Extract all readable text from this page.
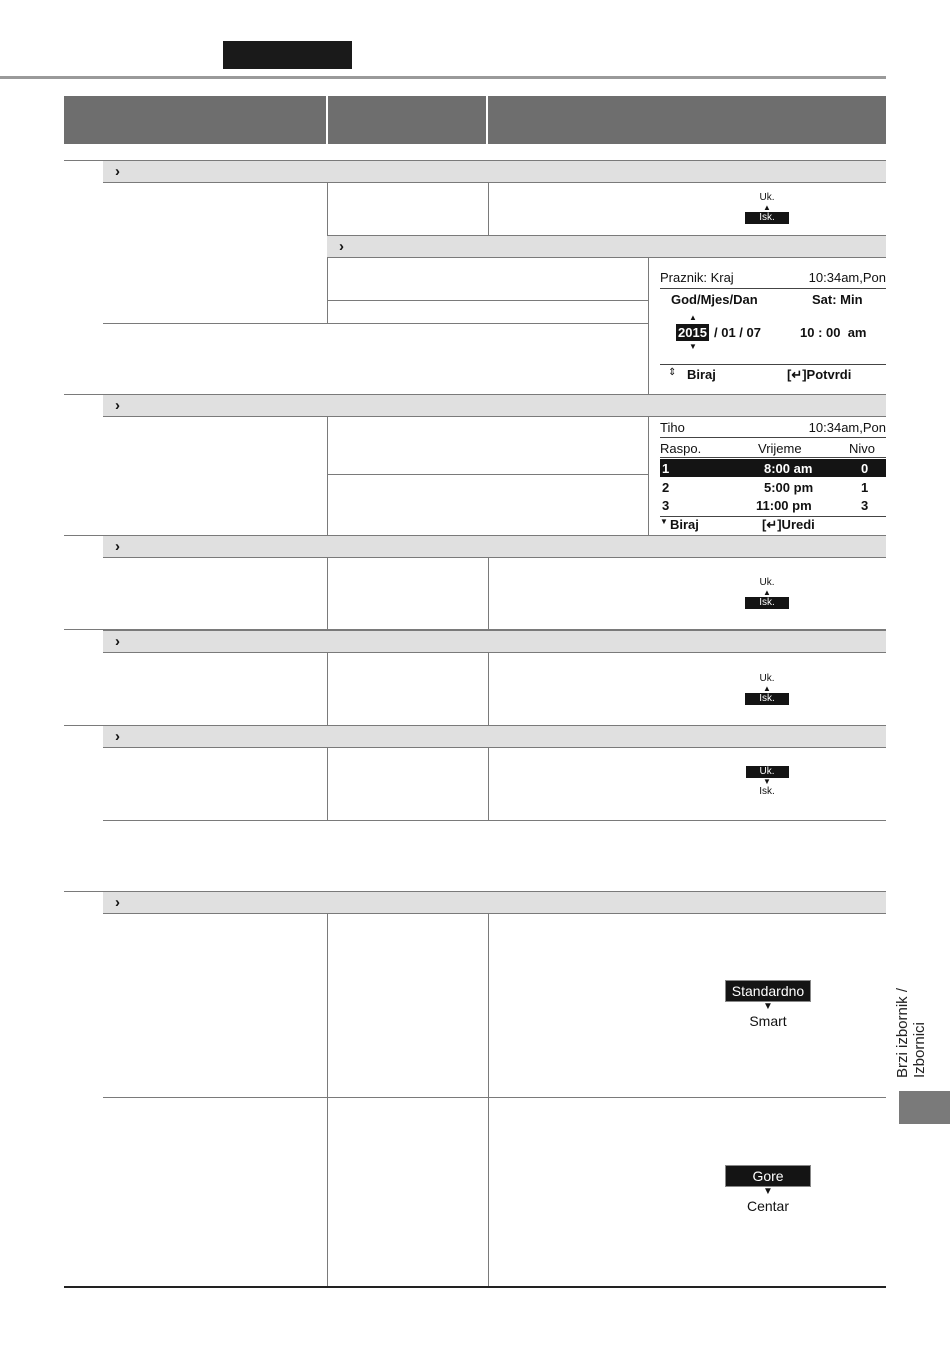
›
Uk.
▲
Isk.
›
Praznik: Kraj	10:34am,Pon
God/Mjes/Dan	Sat: Min
▲
2015 / 01 / 07	10 : 00  am
▼
⇕ Biraj	[↵]Potvrdi
›
Tiho	10:34am,Pon
Raspo.	Vrijeme	Nivo
1	8:00 am	0
2	5:00 pm	1
3	11:00 pm	3
▼ Biraj	[↵]Uredi
›
Uk.
▲
Isk.
›
Uk.
▲
Isk.
›
Uk.
▼
Isk.
›
Standardno
▼
Smart
Gore
▼
Centar
Brzi izbornik / Izbornici
